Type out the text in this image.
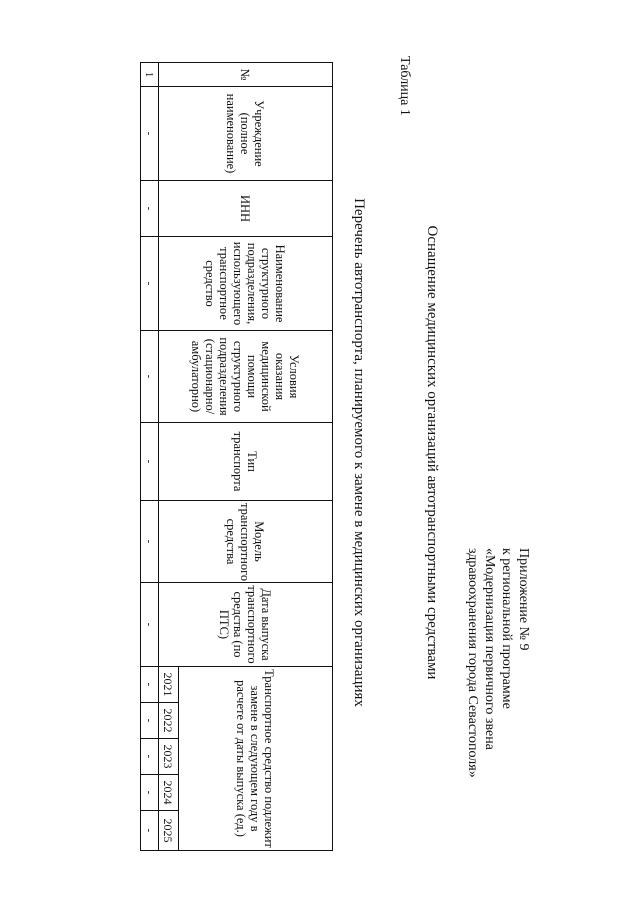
Приложение № 9
к региональной программе
«Модернизация первичного звена
здравоохранения города Севастополя»
Оснащение медицинских организаций автотранспортными средствами
Таблица 1
Перечень автотранспорта, планируемого к замене в медицинских организациях
№	Учреждение (полное наименование)	ИНН	Наименование структурного подразделения, использующего транспортное средство	Условия оказания медицинской помощи структурного подразделения (стационарно/ амбулаторно)	Тип транспорта	Модель транспортного средства	Дата выпуска транспортного средства (по ПТС)	Транспортное средство подлежит замене в следующем году в расчете от даты выпуска (ед.)				
								2021	2022	2023	2024	2025
1	-	-	-	-	-	-	-	-	-	-	-	-
